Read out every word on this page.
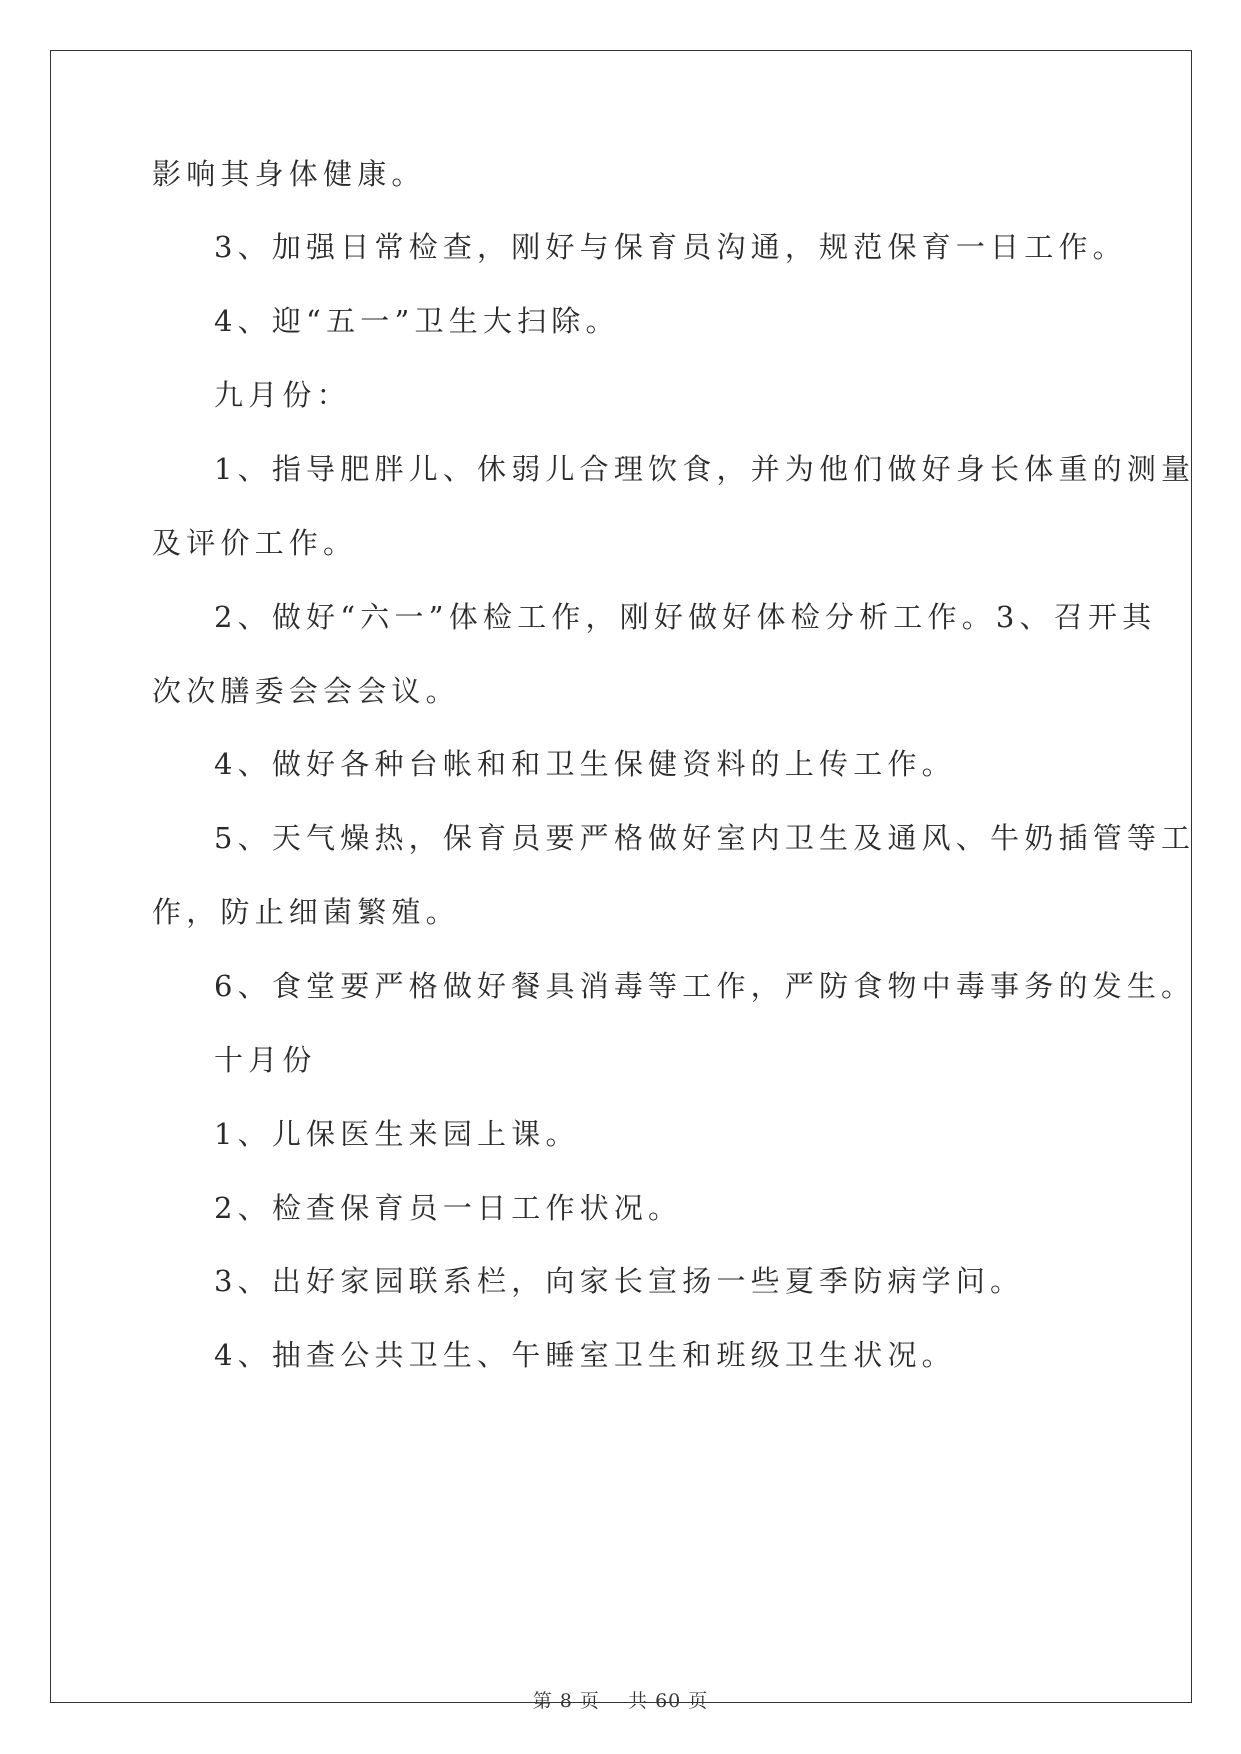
影响其身体健康。
3、加强日常检查，刚好与保育员沟通，规范保育一日工作。
4、迎“五一”卫生大扫除。
九月份：
1、指导肥胖儿、休弱儿合理饮食，并为他们做好身长体重的测量
及评价工作。
2、做好“六一”体检工作，刚好做好体检分析工作。3、召开其
次次膳委会会会议。
4、做好各种台帐和和卫生保健资料的上传工作。
5、天气燥热，保育员要严格做好室内卫生及通风、牛奶插管等工
作，防止细菌繁殖。
6、食堂要严格做好餐具消毒等工作，严防食物中毒事务的发生。
十月份
1、儿保医生来园上课。
2、检查保育员一日工作状况。
3、出好家园联系栏，向家长宣扬一些夏季防病学问。
4、抽查公共卫生、午睡室卫生和班级卫生状况。
第 8 页    共 60 页
